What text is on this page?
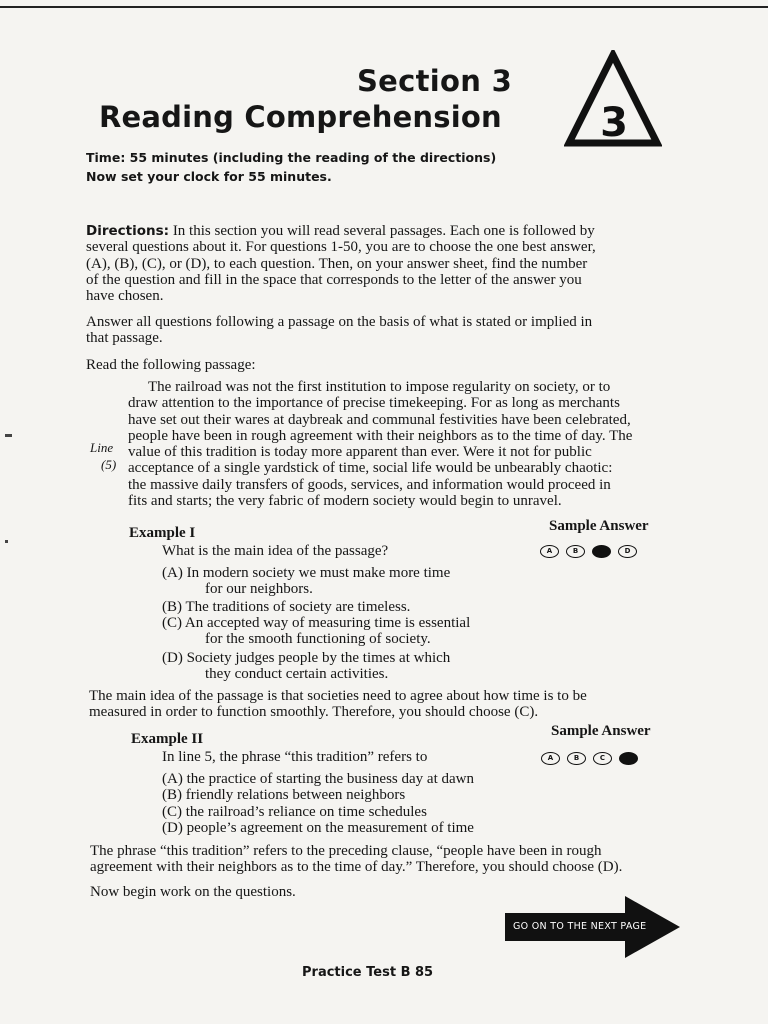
Section 3
Reading Comprehension 3
Time: 55 minutes (including the reading of the directions)
Now set your clock for 55 minutes.
Directions: In this section you will read several passages. Each one is followed by
several questions about it. For questions 1-50, you are to choose the one best answer,
(A), (B), (C), or (D), to each question. Then, on your answer sheet, find the number
of the question and fill in the space that corresponds to the letter of the answer you
have chosen.
Answer all questions following a passage on the basis of what is stated or implied in
that passage.
Read the following passage:
The railroad was not the first institution to impose regularity on society, or to
draw attention to the importance of precise timekeeping. For as long as merchants
have set out their wares at daybreak and communal festivities have been celebrated,
people have been in rough agreement with their neighbors as to the time of day. The
value of this tradition is today more apparent than ever. Were it not for public
acceptance of a single yardstick of time, social life would be unbearably chaotic:
the massive daily transfers of goods, services, and information would proceed in
fits and starts; the very fabric of modern society would begin to unravel.
Line
(5)
Example I	Sample Answer
What is the main idea of the passage?	A	B	C	D
(A) In modern society we must make more time
for our neighbors.
(B) The traditions of society are timeless.
(C) An accepted way of measuring time is essential
for the smooth functioning of society.
(D) Society judges people by the times at which
they conduct certain activities.
The main idea of the passage is that societies need to agree about how time is to be
measured in order to function smoothly. Therefore, you should choose (C).
Example II	Sample Answer
In line 5, the phrase “this tradition” refers to	A	B	C	D
(A) the practice of starting the business day at dawn
(B) friendly relations between neighbors
(C) the railroad’s reliance on time schedules
(D) people’s agreement on the measurement of time
The phrase “this tradition” refers to the preceding clause, “people have been in rough
agreement with their neighbors as to the time of day.” Therefore, you should choose (D).
Now begin work on the questions.
GO ON TO THE NEXT PAGE
Practice Test B 85
